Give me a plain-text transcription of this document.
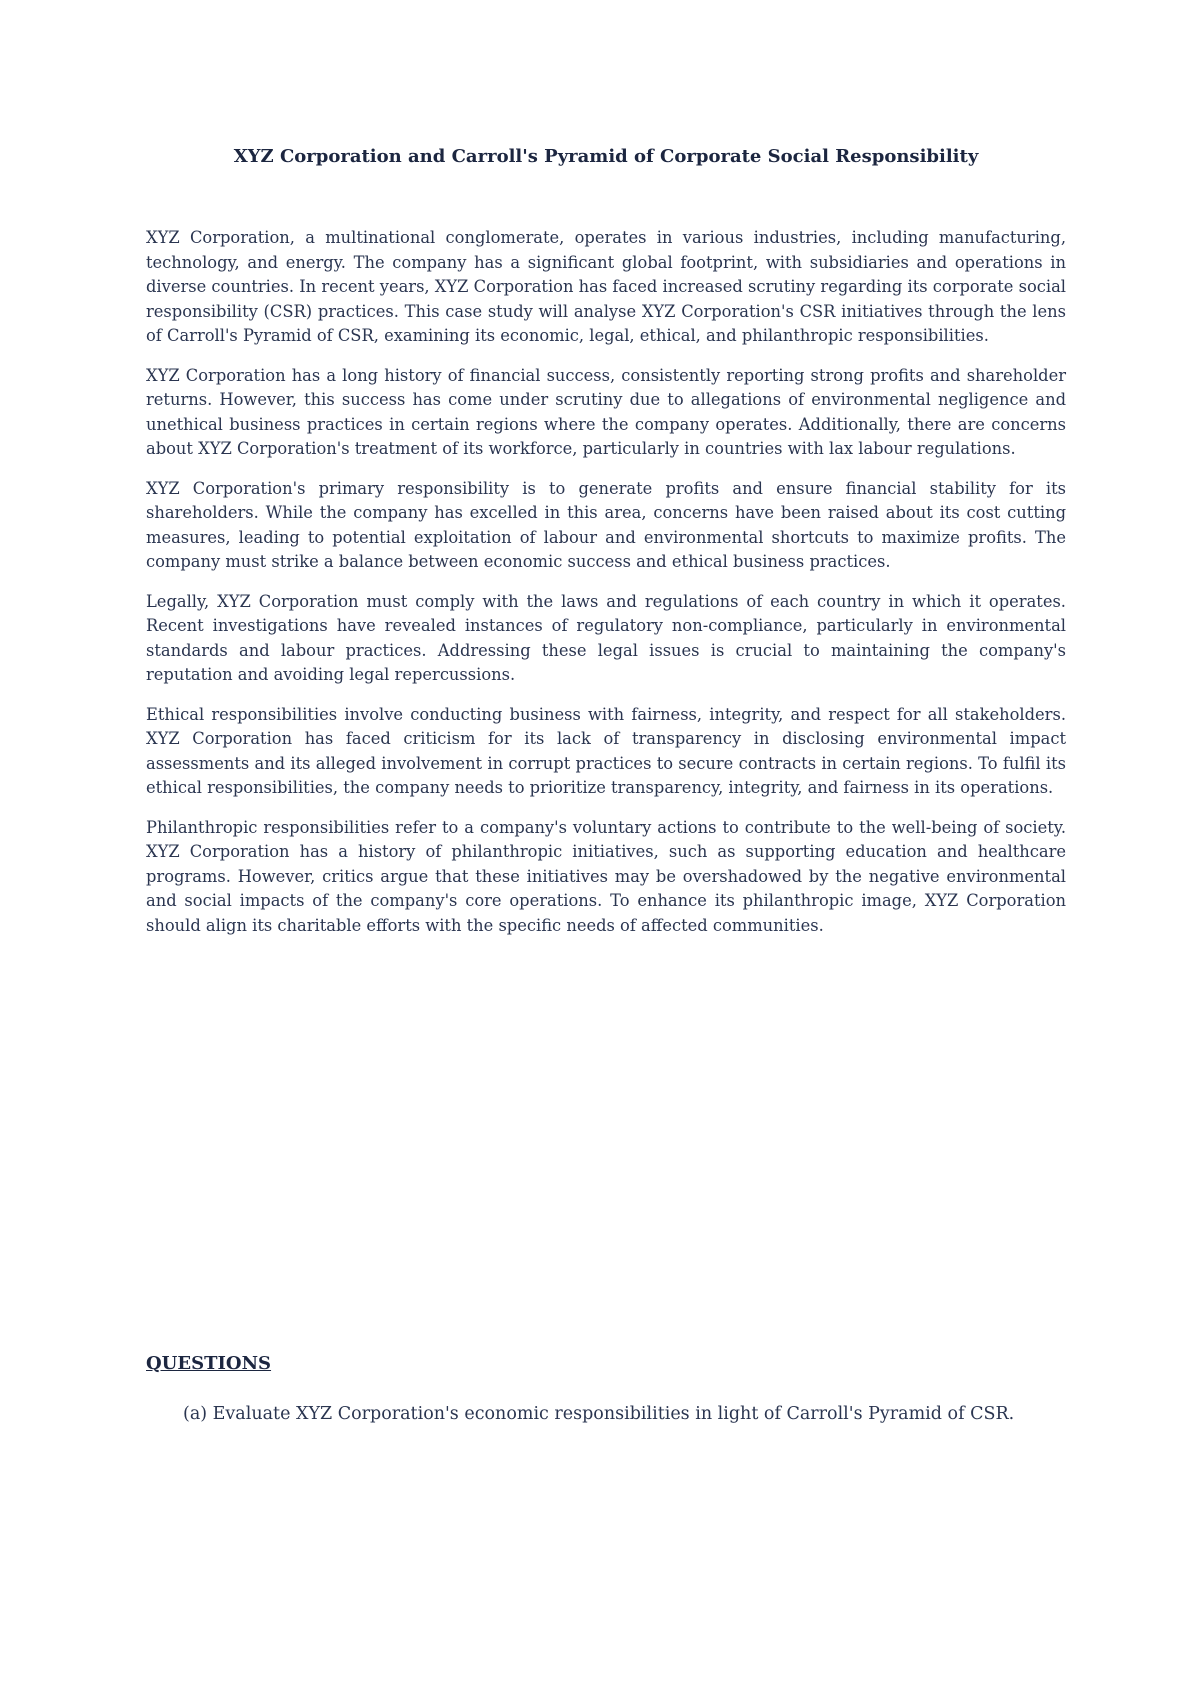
XYZ Corporation and Carroll's Pyramid of Corporate Social Responsibility

XYZ Corporation, a multinational conglomerate, operates in various industries, including manufacturing, technology, and energy. The company has a significant global footprint, with subsidiaries and operations in diverse countries. In recent years, XYZ Corporation has faced increased scrutiny regarding its corporate social responsibility (CSR) practices. This case study will analyse XYZ Corporation's CSR initiatives through the lens of Carroll's Pyramid of CSR, examining its economic, legal, ethical, and philanthropic responsibilities.

XYZ Corporation has a long history of financial success, consistently reporting strong profits and shareholder returns. However, this success has come under scrutiny due to allegations of environmental negligence and unethical business practices in certain regions where the company operates. Additionally, there are concerns about XYZ Corporation's treatment of its workforce, particularly in countries with lax labour regulations.

XYZ Corporation's primary responsibility is to generate profits and ensure financial stability for its shareholders. While the company has excelled in this area, concerns have been raised about its cost cutting measures, leading to potential exploitation of labour and environmental shortcuts to maximize profits. The company must strike a balance between economic success and ethical business practices.

Legally, XYZ Corporation must comply with the laws and regulations of each country in which it operates. Recent investigations have revealed instances of regulatory non-compliance, particularly in environmental standards and labour practices. Addressing these legal issues is crucial to maintaining the company's reputation and avoiding legal repercussions.

Ethical responsibilities involve conducting business with fairness, integrity, and respect for all stakeholders. XYZ Corporation has faced criticism for its lack of transparency in disclosing environmental impact assessments and its alleged involvement in corrupt practices to secure contracts in certain regions. To fulfil its ethical responsibilities, the company needs to prioritize transparency, integrity, and fairness in its operations.

Philanthropic responsibilities refer to a company's voluntary actions to contribute to the well-being of society. XYZ Corporation has a history of philanthropic initiatives, such as supporting education and healthcare programs. However, critics argue that these initiatives may be overshadowed by the negative environmental and social impacts of the company's core operations. To enhance its philanthropic image, XYZ Corporation should align its charitable efforts with the specific needs of affected communities.

QUESTIONS

(a) Evaluate XYZ Corporation's economic responsibilities in light of Carroll's Pyramid of CSR.
